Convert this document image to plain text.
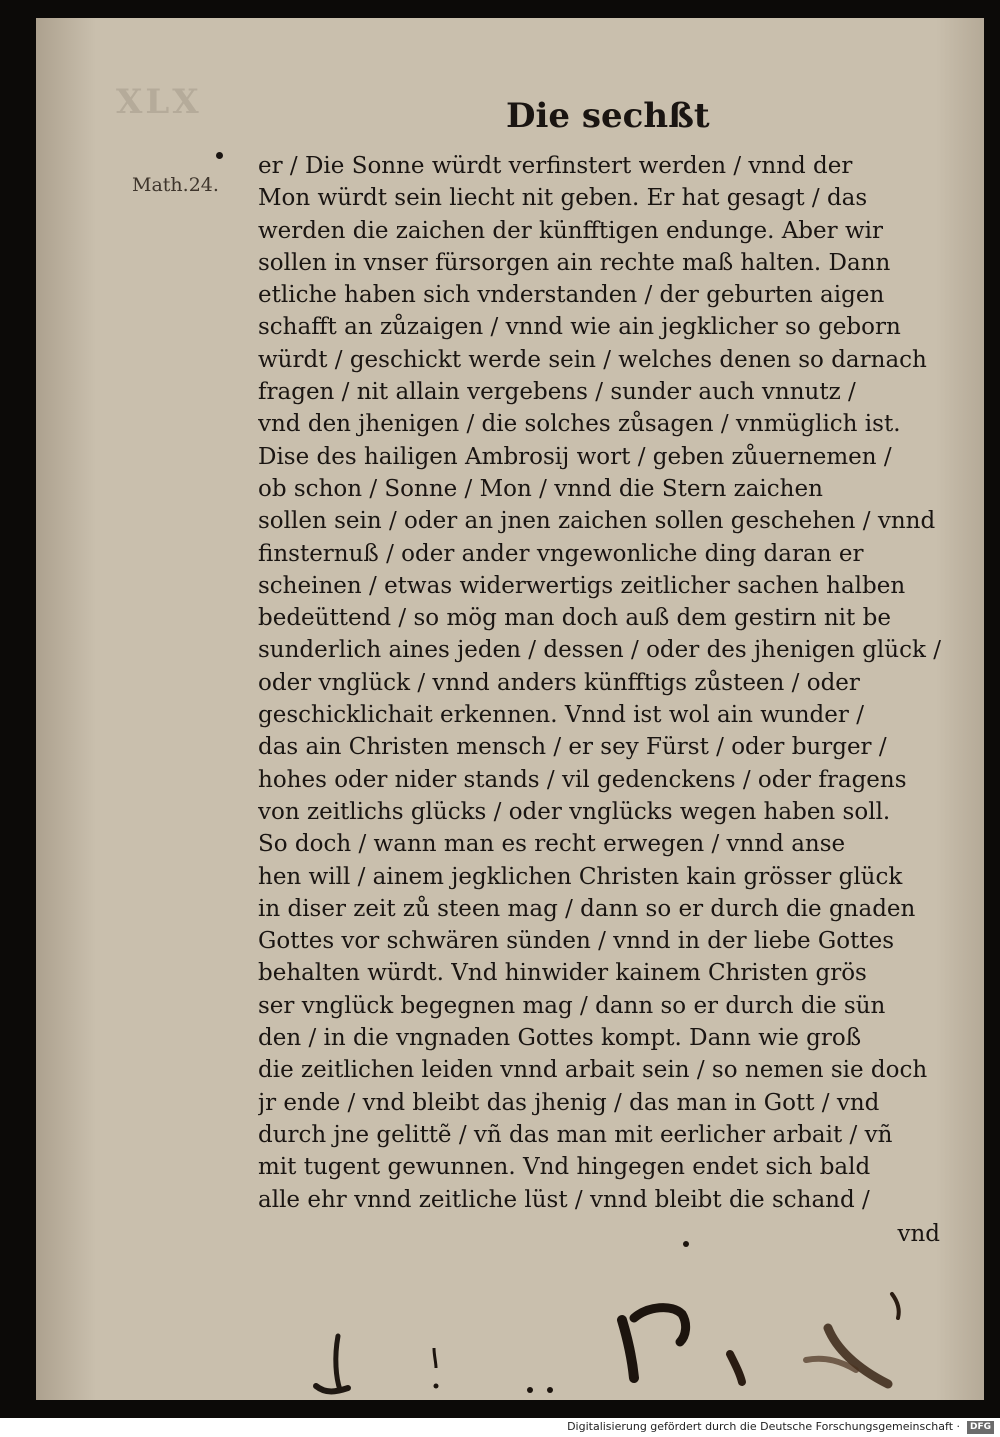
XLX	Die sechßt
Math.24.
er / Die Sonne würdt verfinstert werden / vnnd der
Mon würdt sein liecht nit geben. Er hat gesagt / das
werden die zaichen der künfftigen endunge. Aber wir
sollen in vnser fürsorgen ain rechte maß halten. Dann
etliche haben sich vnderstanden / der geburten aigen
schafft an zůzaigen / vnnd wie ain jegklicher so geborn
würdt / geschickt werde sein / welches denen so darnach
fragen / nit allain vergebens / sunder auch vnnutz /
vnd den jhenigen / die solches zůsagen / vnmüglich ist.
Dise des hailigen Ambrosij wort / geben zůuernemen /
ob schon / Sonne / Mon / vnnd die Stern zaichen
sollen sein / oder an jnen zaichen sollen geschehen / vnnd
finsternuß / oder ander vngewonliche ding daran er
scheinen / etwas widerwertigs zeitlicher sachen halben
bedeüttend / so mög man doch auß dem gestirn nit be
sunderlich aines jeden / dessen / oder des jhenigen glück /
oder vnglück / vnnd anders künfftigs zůsteen / oder
geschicklichait erkennen. Vnnd ist wol ain wunder /
das ain Christen mensch / er sey Fürst / oder burger /
hohes oder nider stands / vil gedenckens / oder fragens
von zeitlichs glücks / oder vnglücks wegen haben soll.
So doch / wann man es recht erwegen / vnnd anse
hen will / ainem jegklichen Christen kain grösser glück
in diser zeit zů steen mag / dann so er durch die gnaden
Gottes vor schwären sünden / vnnd in der liebe Gottes
behalten würdt. Vnd hinwider kainem Christen grös
ser vnglück begegnen mag / dann so er durch die sün
den / in die vngnaden Gottes kompt. Dann wie groß
die zeitlichen leiden vnnd arbait sein / so nemen sie doch
jr ende / vnd bleibt das jhenig / das man in Gott / vnd
durch jne gelittẽ / vñ das man mit eerlicher arbait / vñ
mit tugent gewunnen. Vnd hingegen endet sich bald
alle ehr vnnd zeitliche lüst / vnnd bleibt die schand /
vnd
Digitalisierung gefördert durch die Deutsche Forschungsgemeinschaft ·	DFG
